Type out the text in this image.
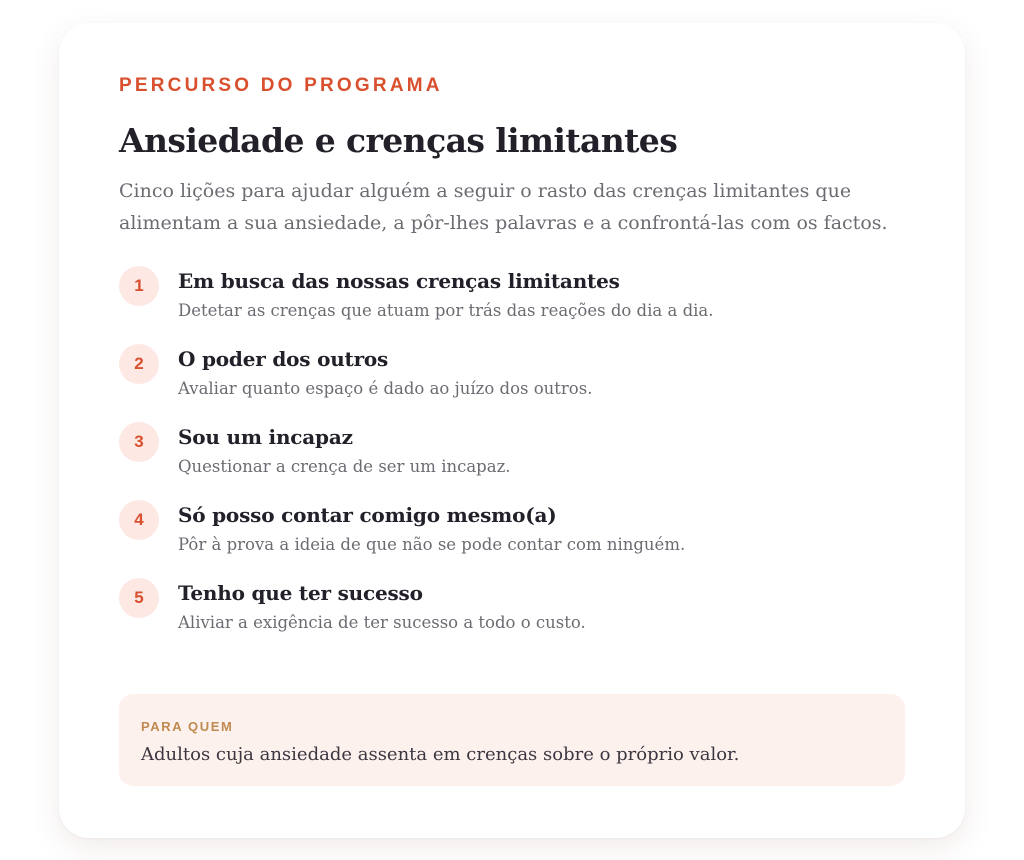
PERCURSO DO PROGRAMA

Ansiedade e crenças limitantes

Cinco lições para ajudar alguém a seguir o rasto das crenças limitantes que alimentam a sua ansiedade, a pôr-lhes palavras e a confrontá-las com os factos.

1	Em busca das nossas crenças limitantes

Detetar as crenças que atuam por trás das reações do dia a dia.

2	O poder dos outros

Avaliar quanto espaço é dado ao juízo dos outros.

3	Sou um incapaz

Questionar a crença de ser um incapaz.

4	Só posso contar comigo mesmo(a)

Pôr à prova a ideia de que não se pode contar com ninguém.

5	Tenho que ter sucesso

Aliviar a exigência de ter sucesso a todo o custo.

PARA QUEM

Adultos cuja ansiedade assenta em crenças sobre o próprio valor.
